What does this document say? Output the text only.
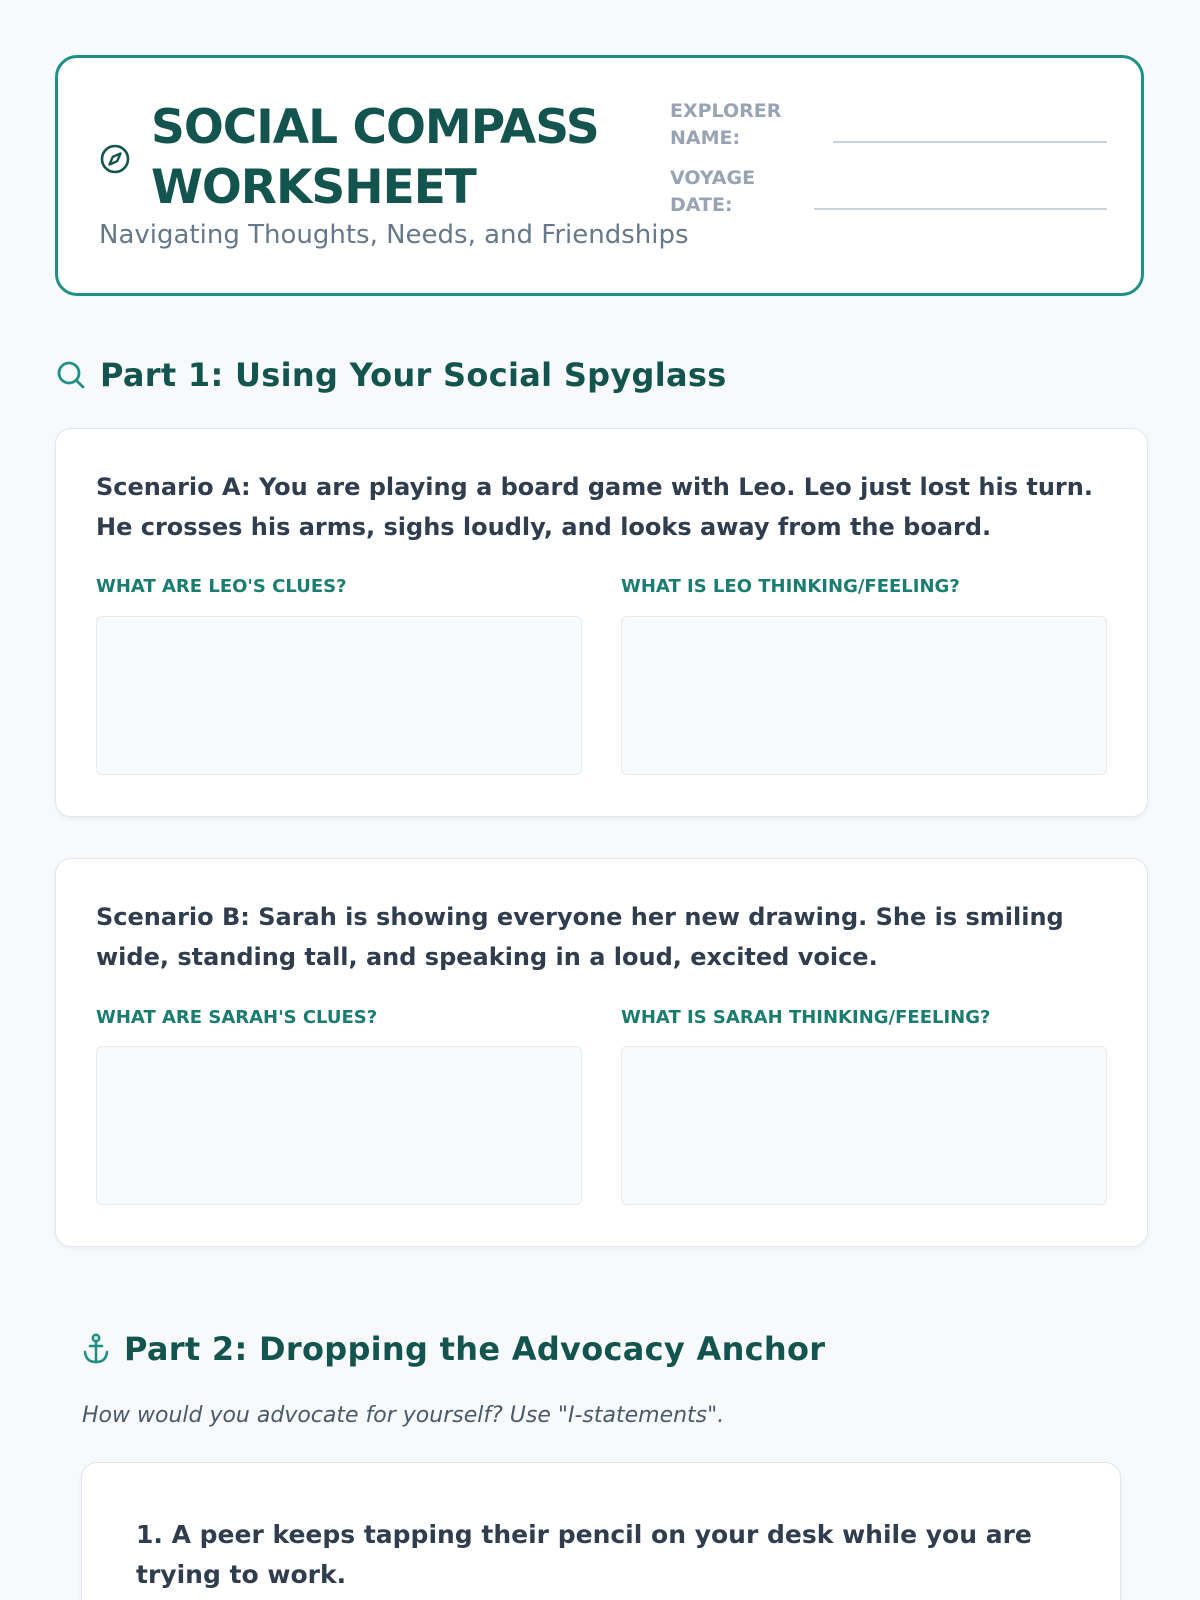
SOCIAL COMPASS
WORKSHEET
Navigating Thoughts, Needs, and Friendships
EXPLORER
NAME:
VOYAGE
DATE:
Part 1: Using Your Social Spyglass

Scenario A: You are playing a board game with Leo. Leo just lost his turn. He crosses his arms, sighs loudly, and looks away from the board.

WHAT ARE LEO'S CLUES?	WHAT IS LEO THINKING/FEELING?

Scenario B: Sarah is showing everyone her new drawing. She is smiling wide, standing tall, and speaking in a loud, excited voice.

WHAT ARE SARAH'S CLUES?	WHAT IS SARAH THINKING/FEELING?
Part 2: Dropping the Advocacy Anchor
How would you advocate for yourself? Use "I-statements".

1. A peer keeps tapping their pencil on your desk while you are trying to work.
